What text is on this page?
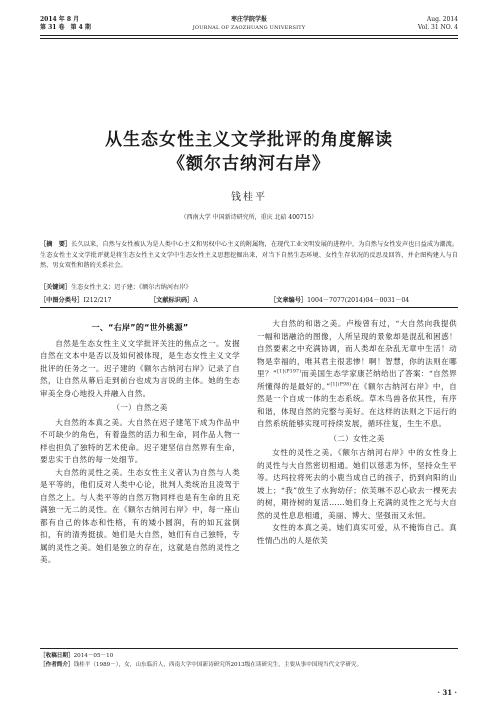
2014 年 8 月
第 31 卷　第 4 期
枣庄学院学报
JOURNAL OF ZAOZHUANG UNIVERSITY
Aug. 2014
Vol. 31 NO. 4
从生态女性主义文学批评的角度解读
《额尔古纳河右岸》
钱桂平
（西南大学 中国新诗研究所，重庆 北碚 400715）
［摘　要］长久以来，自然与女性被认为是人类中心主义和男权中心主义的附属物，在现代工业文明发展的进程中，为自然与女性发声也日益成为潮流。生态女性主义文学批评就是将生态女性主义文学中生态女性主义思想挖掘出来，对当下自然生态环境、女性生存状况的反思及回答，并企图构建人与自然、男女双性和谐的关系社会。
［关键词］生态女性主义；迟子建；《额尔古纳河右岸》
［中图分类号］I212/217	［文献标识码］A	［文章编号］1004－7077(2014)04－0031－04
一、“右岸”的“世外桃源”

自然是生态女性主义文学批评关注的焦点之一。发掘自然在文本中是否以及如何被体现，是生态女性主义文学批评的任务之一。迟子建的《额尔古纳河右岸》记录了自然，让自然从幕后走到前台也成为言说的主体。她的生态审美全身心地投入并融入自然。

（一）自然之美

大自然的本真之美。大自然在迟子建笔下成为作品中不可缺少的角色，有着盎然的活力和生命，同作品人物一样也担负了独特的艺术使命。迟子建坚信自然界有生命，要忠实于自然的每一处细节。

大自然的灵性之美。生态女性主义者认为自然与人类是平等的，他们反对人类中心论，批判人类统治且凌驾于自然之上。与人类平等的自然万物同样也是有生命的且充满独一无二的灵性。在《额尔古纳河右岸》中，每一座山都有自己的体态和性格，有的矮小圆润，有的如瓦盆倒扣，有的清秀挺拔。她们是大自然，她们有自己独特，专属的灵性之美。她们是独立的存在，这就是自然的灵性之美。

大自然的和谐之美。卢梭曾有过，“大自然向我提供一幅和谐融洽的图像，人所呈现的景象却是混乱和困惑！自然要素之中充满协调，而人类却在杂乱无章中生活！动物是幸福的，唯其君主很悲惨！啊！智慧，你的法则在哪里？”$^{[1](P197)}$而美国生态学家康芒纳给出了答案：“自然界所懂得的是最好的。”$^{[1](P98)}$在《额尔古纳河右岸》中，自然是一个自成一体的生态系统。草木鸟兽各依其性，有序和谐，体现自然的完整与美好。在这样的法则之下运行的自然系统能够实现可持续发展，循环往复，生生不息。

（二）女性之美

女性的灵性之美。《额尔古纳河右岸》中的女性身上的灵性与大自然密切相通。她们以慈悲为怀，坚持众生平等。达玛拉将死去的小鹿当成自己的孩子，扔到向阳的山坡上；“我”放生了水狗幼仔；依芙琳不忍心砍去一棵死去的树，期待树的复活……她们身上充满的灵性之光与大自然的灵性息息相通，美丽、博大、坚强而又永恒。

女性的本真之美。她们真实可爱，从不掩饰自己。真性情凸出的人是依芙

［收稿日期］2014－05－10
［作者简介］钱桂平（1989－），女，山东临沂人，西南大学中国新诗研究所2013级在读研究生，主要从事中国现当代文学研究。
· 31 ·
